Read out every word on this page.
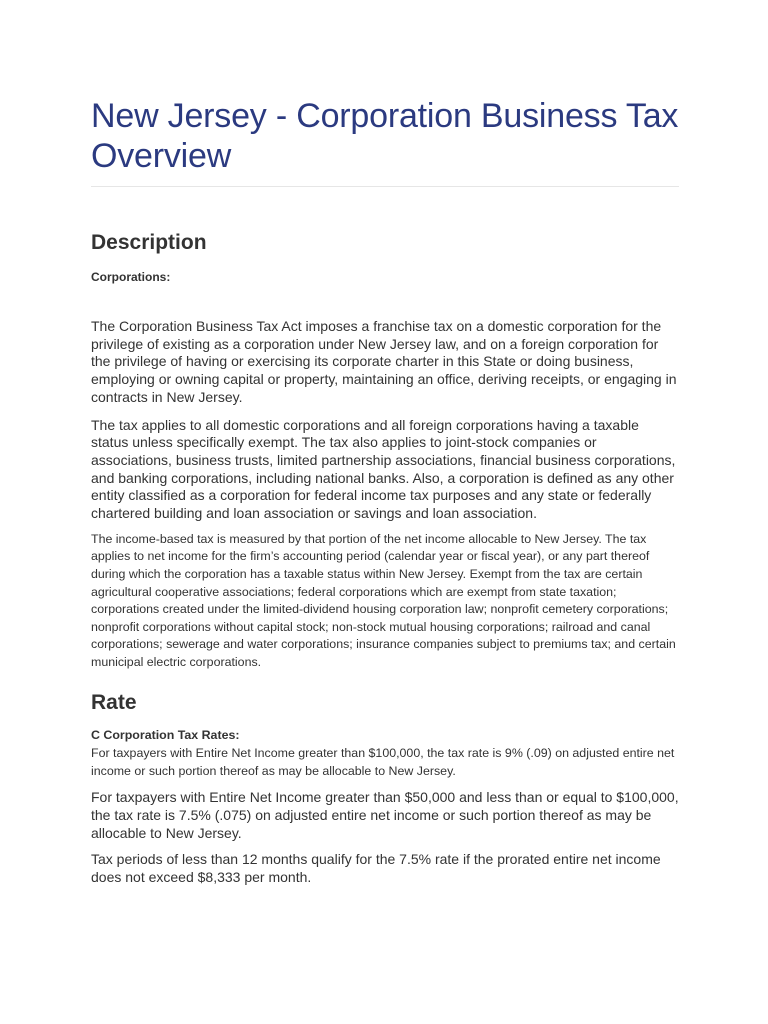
New Jersey - Corporation Business Tax Overview
Description
Corporations:

The Corporation Business Tax Act imposes a franchise tax on a domestic corporation for the privilege of existing as a corporation under New Jersey law, and on a foreign corporation for the privilege of having or exercising its corporate charter in this State or doing business, employing or owning capital or property, maintaining an office, deriving receipts, or engaging in contracts in New Jersey.

The tax applies to all domestic corporations and all foreign corporations having a taxable status unless specifically exempt. The tax also applies to joint-stock companies or associations, business trusts, limited partnership associations, financial business corporations, and banking corporations, including national banks. Also, a corporation is defined as any other entity classified as a corporation for federal income tax purposes and any state or federally chartered building and loan association or savings and loan association.

The income-based tax is measured by that portion of the net income allocable to New Jersey. The tax applies to net income for the firm’s accounting period (calendar year or fiscal year), or any part thereof during which the corporation has a taxable status within New Jersey. Exempt from the tax are certain agricultural cooperative associations; federal corporations which are exempt from state taxation; corporations created under the limited-dividend housing corporation law; nonprofit cemetery corporations; nonprofit corporations without capital stock; non-stock mutual housing corporations; railroad and canal corporations; sewerage and water corporations; insurance companies subject to premiums tax; and certain municipal electric corporations.

Rate
C Corporation Tax Rates:

For taxpayers with Entire Net Income greater than $100,000, the tax rate is 9% (.09) on adjusted entire net income or such portion thereof as may be allocable to New Jersey.

For taxpayers with Entire Net Income greater than $50,000 and less than or equal to $100,000, the tax rate is 7.5% (.075) on adjusted entire net income or such portion thereof as may be allocable to New Jersey.

Tax periods of less than 12 months qualify for the 7.5% rate if the prorated entire net income does not exceed $8,333 per month.
